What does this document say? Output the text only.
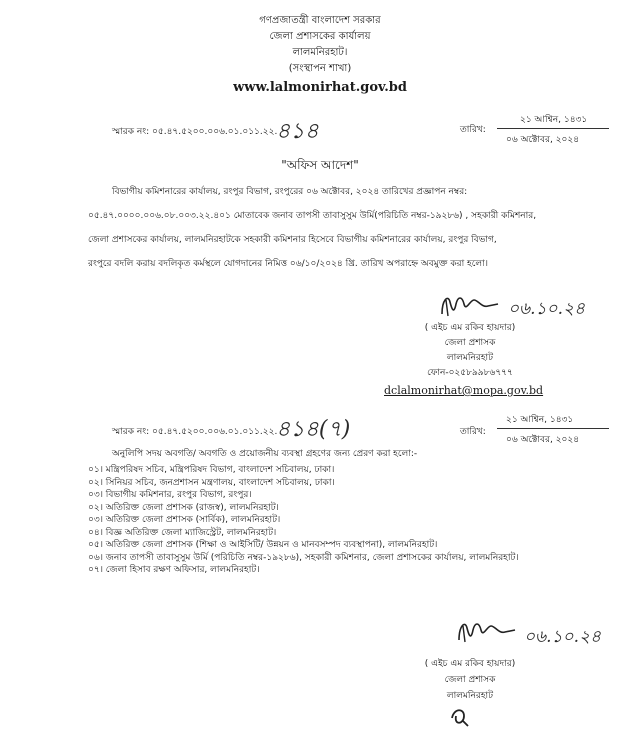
গণপ্রজাতন্ত্রী বাংলাদেশ সরকার
জেলা প্রশাসকের কার্যালয়
লালমনিরহাট।
(সংস্থাপন শাখা)
www.lalmonirhat.gov.bd
স্মারক নং: ০৫.৪৭.৫২০০.০০৬.০১.০১১.২২.
৪১৪	তারিখ:
২১ আশ্বিন, ১৪৩১
০৬ অক্টোবর, ২০২৪
"অফিস আদেশ"
বিভাগীয় কমিশনারের কার্যালয়, রংপুর বিভাগ, রংপুরের ০৬ অক্টোবর, ২০২৪ তারিখের প্রজ্ঞাপন নম্বর:
০৫.৪৭.০০০০.০০৬.০৮.০০৩.২২.৪০১ মোতাবেক জনাব তাপসী তাবাসুসুম উর্মি(পরিচিতি নম্বর-১৯২৮৬) , সহকারী কমিশনার,
জেলা প্রশাসকের কার্যালয়, লালমনিরহাটকে সহকারী কমিশনার হিসেবে বিভাগীয় কমিশনারের কার্যালয়, রংপুর বিভাগ,
রংপুরে বদলি করায় বদলিকৃত কর্মস্থলে যোগদানের নিমিত্ত ০৬/১০/২০২৪ খ্রি. তারিখ অপরাহ্নে অবমুক্ত করা হলো।
০৬.১০.২৪
( এইচ এম রকিব হায়দার)
জেলা প্রশাসক
লালমনিরহাট
ফোন-০২৫৮৯৯৮৬৭৭৭
dclalmonirhat@mopa.gov.bd
স্মারক নং: ০৫.৪৭.৫২০০.০০৬.০১.০১১.২২.
৪১৪(৭)	তারিখ:
২১ আশ্বিন, ১৪৩১
০৬ অক্টোবর, ২০২৪
অনুলিপি সদয় অবগতি/ অবগতি ও প্রয়োজনীয় ব্যবস্থা গ্রহণের জন্য প্রেরণ করা হলো:-
০১। মন্ত্রিপরিষদ সচিব, মন্ত্রিপরিষদ বিভাগ, বাংলাদেশ সচিবালয়, ঢাকা।
০২। সিনিয়র সচিব, জনপ্রশাসন মন্ত্রণালয়, বাংলাদেশ সচিবালয়, ঢাকা।
০৩। বিভাগীয় কমিশনার, রংপুর বিভাগ, রংপুর।
০২। অতিরিক্ত জেলা প্রশাসক (রাজস্ব), লালমনিরহাট।
০৩। অতিরিক্ত জেলা প্রশাসক (সার্বিক), লালমনিরহাট।
০৪। বিজ্ঞ অতিরিক্ত জেলা ম্যাজিস্ট্রেট, লালমনিরহাট।
০৫। অতিরিক্ত জেলা প্রশাসক (শিক্ষা ও আইসিটি/ উন্নয়ন ও মানবসম্পদ ব্যবস্থাপনা), লালমনিরহাট।
০৬। জনাব তাপসী তাবাসুসুম উর্মি (পরিচিতি নম্বর-১৯২৮৬), সহকারী কমিশনার, জেলা প্রশাসকের কার্যালয়, লালমনিরহাট।
০৭। জেলা হিসাব রক্ষণ অফিসার, লালমনিরহাট।
০৬.১০.২৪
( এইচ এম রকিব হায়দার)
জেলা প্রশাসক
লালমনিরহাট
